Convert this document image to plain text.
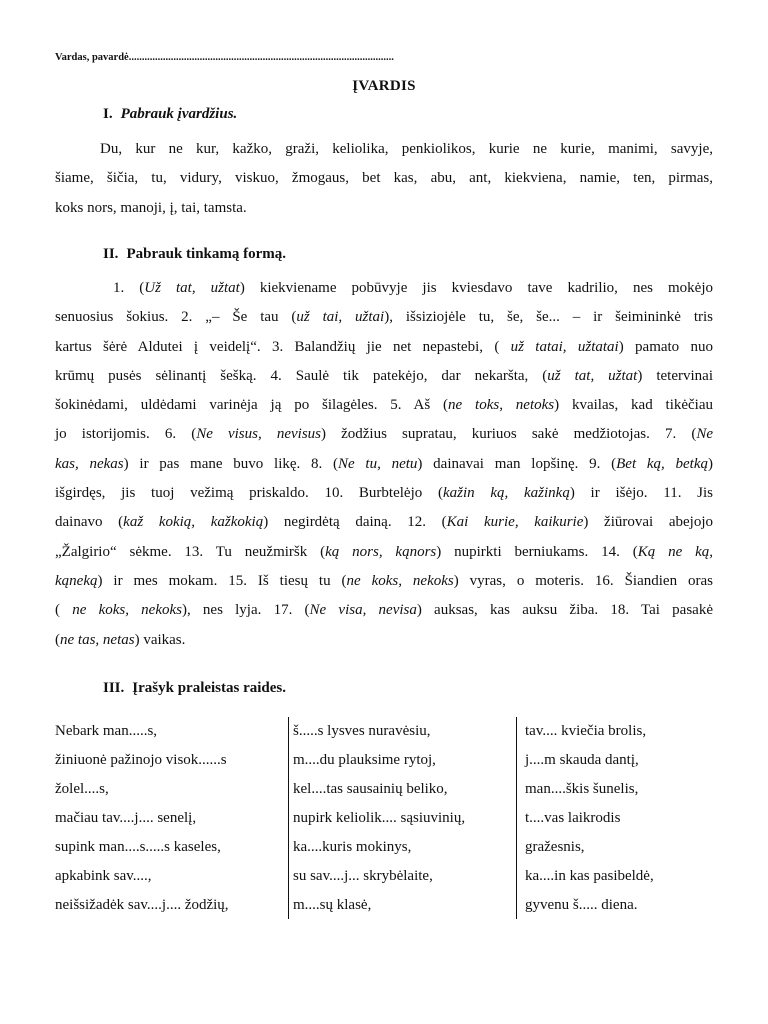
Vardas, pavardė.....................................................................................................
ĮVARDIS
I. Pabrauk įvardžius.
Du, kur ne kur, kažko, graži, keliolika, penkiolikos, kurie ne kurie, manimi, savyje,
šiame, šičia, tu, vidury, viskuo, žmogaus, bet kas, abu, ant, kiekviena, namie, ten, pirmas,
koks nors, manoji, į, tai, tamsta.
II. Pabrauk tinkamą formą.
1. (Už tat, užtat) kiekviename pobūvyje jis kviesdavo tave kadrilio, nes mokėjo
senuosius šokius. 2. „– Še tau (už tai, užtai), išsiziojėle tu, še, še... – ir šeimininkė tris
kartus šėrė Aldutei į veidelį“. 3. Balandžių jie net nepastebi, ( už tatai, užtatai) pamato nuo
krūmų pusės sėlinantį šešką. 4. Saulė tik patekėjo, dar nekaršta, (už tat, užtat) tetervinai
šokinėdami, uldėdami varinėja ją po šilagėles. 5. Aš (ne toks, netoks) kvailas, kad tikėčiau
jo istorijomis. 6. (Ne visus, nevisus) žodžius supratau, kuriuos sakė medžiotojas. 7. (Ne
kas, nekas) ir pas mane buvo likę. 8. (Ne tu, netu) dainavai man lopšinę. 9. (Bet ką, betką)
išgirdęs, jis tuoj vežimą priskaldo. 10. Burbtelėjo (kažin ką, kažinką) ir išėjo. 11. Jis
dainavo (kaž kokią, kažkokią) negirdėtą dainą. 12. (Kai kurie, kaikurie) žiūrovai abejojo
„Žalgirio“ sėkme. 13. Tu neužmiršk (ką nors, kąnors) nupirkti berniukams. 14. (Ką ne ką,
kąneką) ir mes mokam. 15. Iš tiesų tu (ne koks, nekoks) vyras, o moteris. 16. Šiandien oras
( ne koks, nekoks), nes lyja. 17. (Ne visa, nevisa) auksas, kas auksu žiba. 18. Tai pasakė
(ne tas, netas) vaikas.
III. Įrašyk praleistas raides.
Nebark man.....s,
žiniuonė pažinojo visok......s
žolel....s,
mačiau tav....j.... senelį,
supink man....s.....s kaseles,
apkabink sav....,
neišsižadėk sav....j.... žodžių,
š.....s lysves nuravėsiu,
m....du plauksime rytoj,
kel....tas sausainių beliko,
nupirk keliolik.... sąsiuvinių,
ka....kuris mokinys,
su sav....j... skrybėlaite,
m....sų klasė,
tav.... kviečia brolis,
j....m skauda dantį,
man....škis šunelis,
t....vas laikrodis
gražesnis,
ka....in kas pasibeldė,
gyvenu š..... diena.
